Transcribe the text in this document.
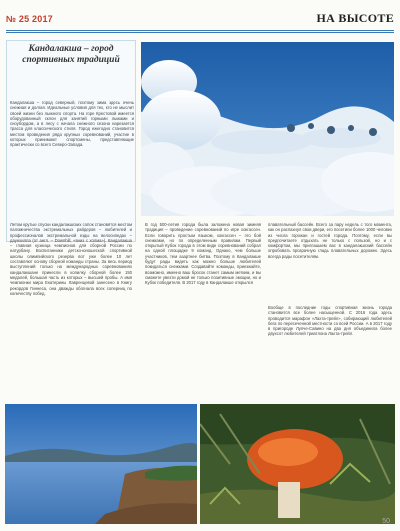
№ 25 2017	НА ВЫСОТЕ
Кандалакша – город спортивных традиций
Кандалакша – город северный, поэтому зима здесь очень снежная и долгая. Идеальные условия для тех, кто не мыслит своей жизни без лыжного спорта. На горе Крестовой имеется оборудованный склон для занятий горными лыжами и сноубордом, а в лесу с начала снежного сезона нарезается трасса для классического стиля. Город ежегодно становится местом проведения ряда крупных соревнований, участие в которых принимают спортсмены, представляющие практически со всего Северо-Запада.
Летом крутые спуски кандалакшских сопок становятся местом паломничества экстремальных райдеров – любителей и профессионалов экстремальной езды на велосипедах – даунхилла (от англ. – Downhill, «вниз с холма»). Кандалакша – главная кузница чемпионов для сборной России по натурбану. Воспитанники детско-юношеской спортивной школы олимпийского резерва вот уже более 10 лет составляют основу сборной команды страны. За весь период выступлений только на международных соревнованиях кандалакшане принесли в копилку сборной более 150 медалей, большая часть из которых – высшей пробы. А имя чемпионки мира Екатерины Лавренцевой занесено в Книгу рекордов Гиннеса, она дважды обогнала всех соперниц по количеству побед.
В год 500-летия города была заложена новая зимняя традиция – проведение соревнований по игре хокгассен. Если говорить простым языком, хокгассен – это бой снежками, но по определенным правилам. Первый открытый Кубок города в этом виде соревнований собрал на одной площадке 9 команд. Однако, чем больше участников, тем азартнее битва. Поэтому в Кандалакше будут рады видеть как можно больше любителей покидаться снежками. Создавайте команды, приезжайте, возможно, именно ваш бросок станет самым метким, и вы сможете увезти домой не только позитивные эмоции, но и Кубок победителя. В 2017 году в Кандалакше открылся
плавательный бассейн. Всего за пару недель с того момента, как он распахнул свои двери, его посетили более 1000 человек из числа горожан и гостей города. Поэтому, если вы предпочитаете отдыхать не только с пользой, но и с комфортом, мы приглашаем вас в кандалакшский бассейн опробовать прозрачную гладь плавательных дорожек. Здесь всегда рады посетителям.
Вообще в последние годы спортивная жизнь города становится все более насыщенной. С 2016 года здесь проводится марафон «Лахта-трейл», собирающий любителей бега по пересеченной местности со всей России. А в 2017 году в пригороде Лупче-Савино на два дня объединила более двухсот любителей триатлона Лахта-трейл.
50
